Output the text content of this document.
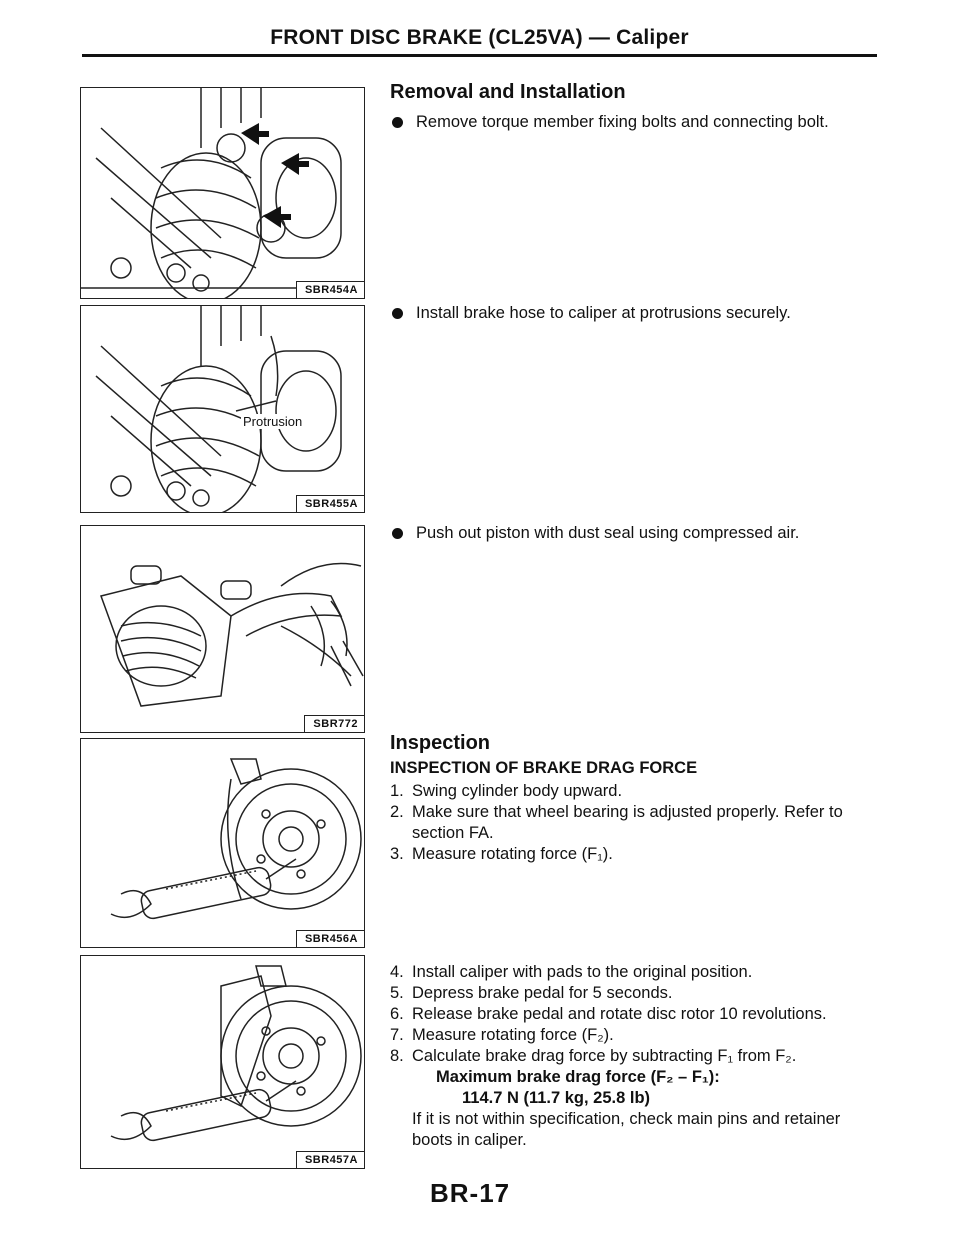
FRONT DISC BRAKE (CL25VA) — Caliper
SBR454A
Protrusion
SBR455A
SBR772
SBR456A
SBR457A
Removal and Installation
Remove torque member fixing bolts and connecting bolt.
Install brake hose to caliper at protrusions securely.
Push out piston with dust seal using compressed air.
Inspection
INSPECTION OF BRAKE DRAG FORCE
1. Swing cylinder body upward.
2. Make sure that wheel bearing is adjusted properly. Refer to section FA.
3. Measure rotating force (F₁).
4. Install caliper with pads to the original position.
5. Depress brake pedal for 5 seconds.
6. Release brake pedal and rotate disc rotor 10 revolutions.
7. Measure rotating force (F₂).
8. Calculate brake drag force by subtracting F₁ from F₂.
Maximum brake drag force (F₂ – F₁):
114.7 N (11.7 kg, 25.8 lb)
If it is not within specification, check main pins and retainer boots in caliper.
BR-17
